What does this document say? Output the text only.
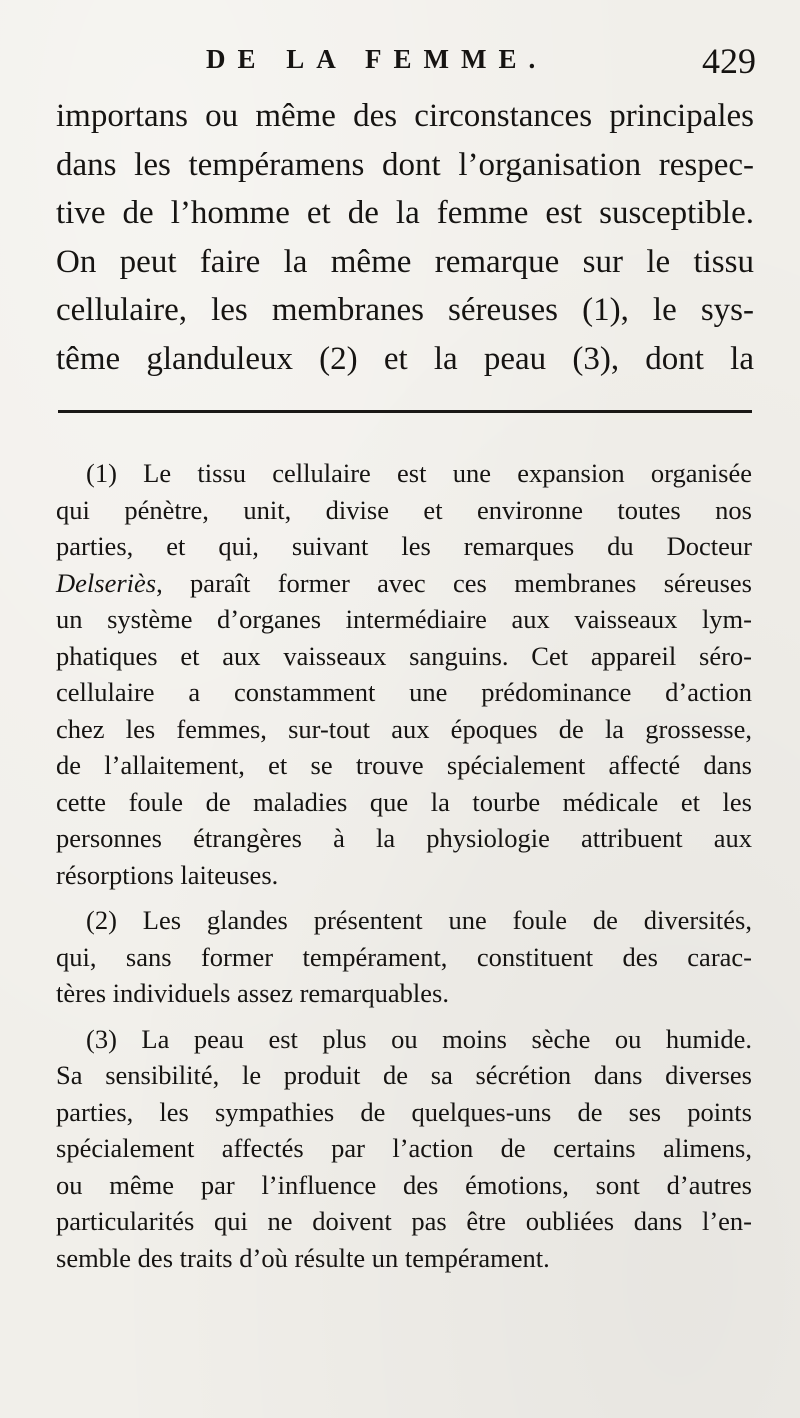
DE LA FEMME.	429
importans ou même des circonstances principales
dans les tempéramens dont l’organisation respec-
tive de l’homme et de la femme est susceptible.
On peut faire la même remarque sur le tissu
cellulaire, les membranes séreuses (1), le sys-
tême glanduleux (2) et la peau (3), dont la
(1) Le tissu cellulaire est une expansion organisée
qui pénètre, unit, divise et environne toutes nos
parties, et qui, suivant les remarques du Docteur
Delseriès, paraît former avec ces membranes séreuses
un système d’organes intermédiaire aux vaisseaux lym-
phatiques et aux vaisseaux sanguins. Cet appareil séro-
cellulaire a constamment une prédominance d’action
chez les femmes, sur-tout aux époques de la grossesse,
de l’allaitement, et se trouve spécialement affecté dans
cette foule de maladies que la tourbe médicale et les
personnes étrangères à la physiologie attribuent aux
résorptions laiteuses.
(2) Les glandes présentent une foule de diversités,
qui, sans former tempérament, constituent des carac-
tères individuels assez remarquables.
(3) La peau est plus ou moins sèche ou humide.
Sa sensibilité, le produit de sa sécrétion dans diverses
parties, les sympathies de quelques-uns de ses points
spécialement affectés par l’action de certains alimens,
ou même par l’influence des émotions, sont d’autres
particularités qui ne doivent pas être oubliées dans l’en-
semble des traits d’où résulte un tempérament.
